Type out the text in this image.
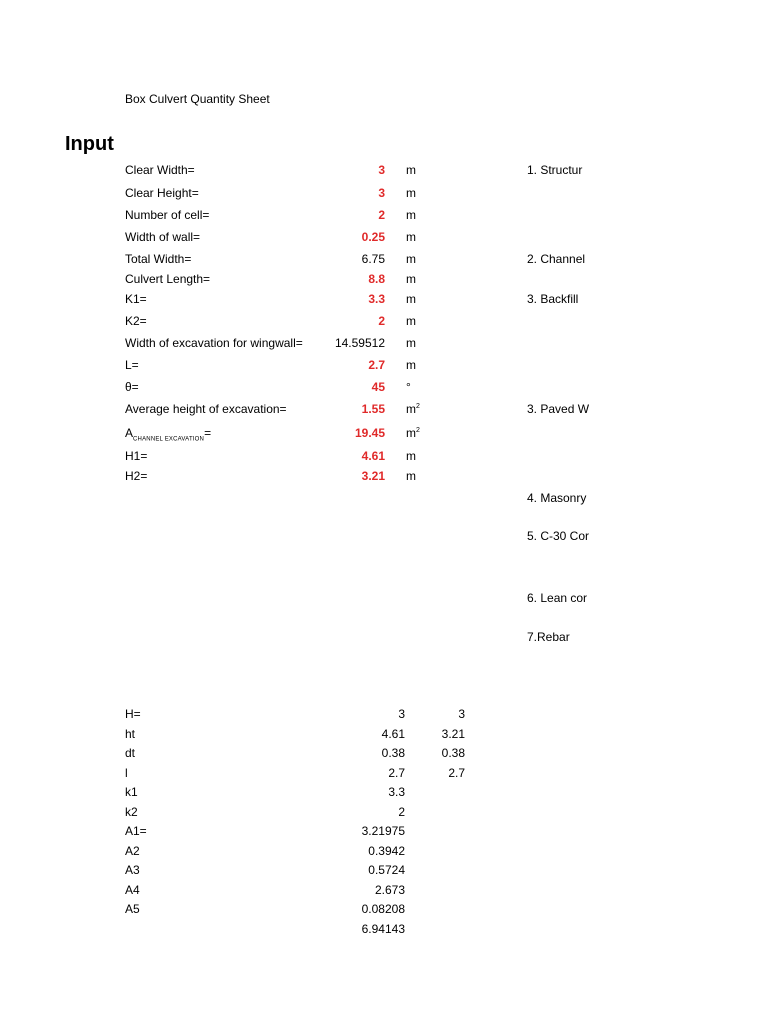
Box Culvert Quantity Sheet
Input
Clear Width=	3 m
Clear Height=	3 m
Number of cell=	2 m
Width of wall=	0.25 m
Total Width=	6.75 m
Culvert Length=	8.8 m
K1=	3.3 m
K2=	2 m
Width of excavation for wingwall=	14.59512 m
L=	2.7 m
θ=	45 °
Average height of excavation=	1.55 $m^2$
$A_{CHANNEL EXCAVATION}=$	19.45 $m^2$
H1=	4.61 m
H2=	3.21 m
1. Structur
2. Channel
3. Backfill
3. Paved W
4. Masonry
5. C-30 Cor
6. Lean cor
7.Rebar
H=	3	3
ht	4.61	3.21
dt	0.38	0.38
l	2.7	2.7
k1	3.3
k2	2
A1=	3.21975
A2	0.3942
A3	0.5724
A4	2.673
A5	0.08208
6.94143
